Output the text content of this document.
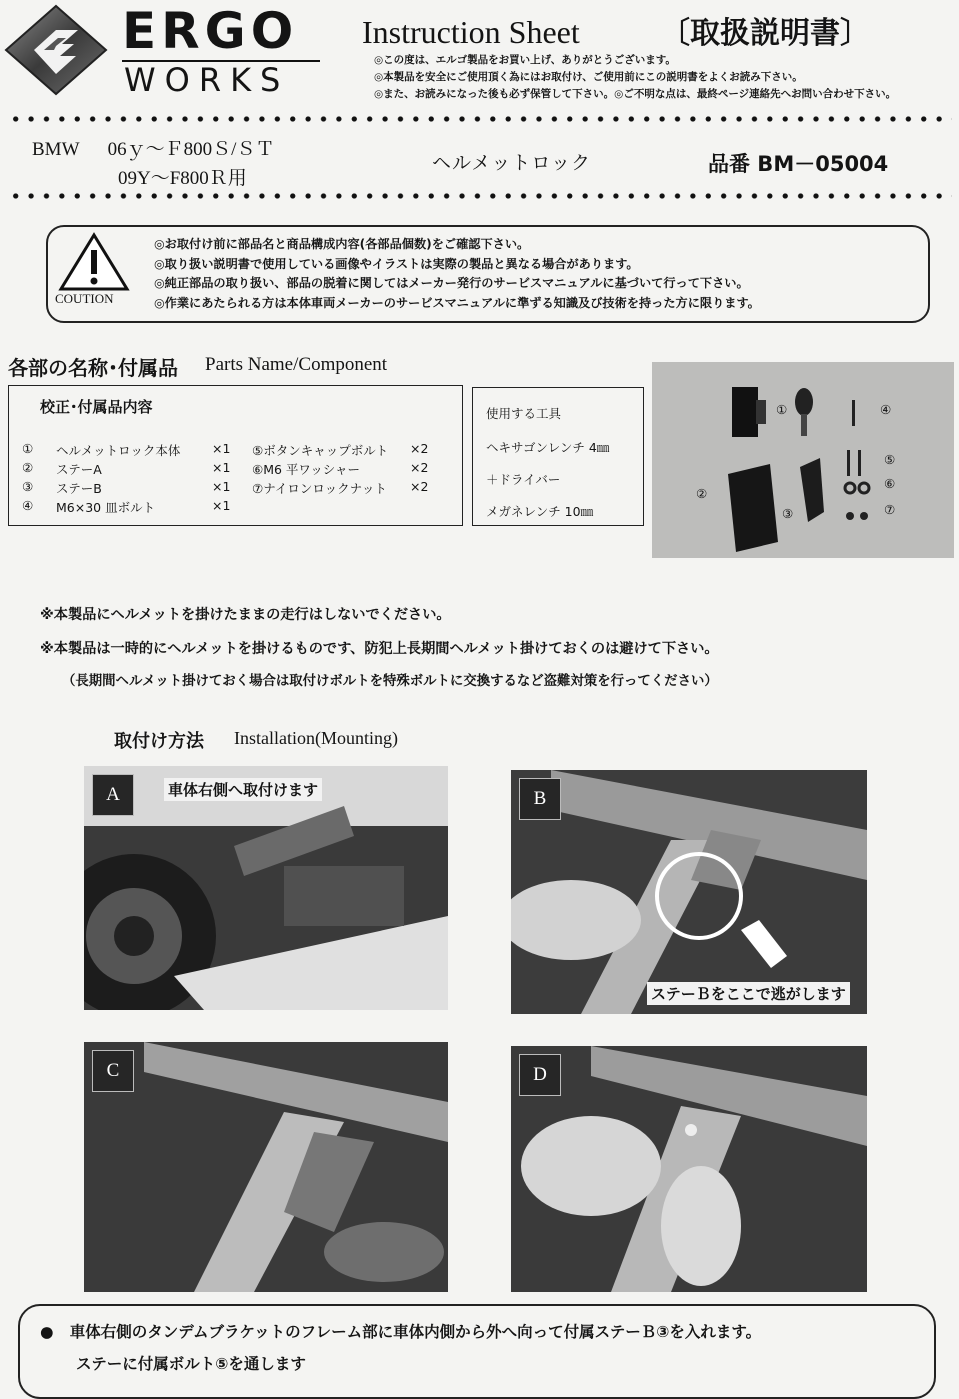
ERGO
WORKS
Instruction Sheet	〔取扱説明書〕
◎この度は、エルゴ製品をお買い上げ、ありがとうございます。
◎本製品を安全にご使用頂く為にはお取付け、ご使用前にこの説明書をよくお読み下さい。
◎また、お読みになった後も必ず保管して下さい。◎ご不明な点は、最終ページ連絡先へお問い合わせ下さい。
BMW 06ｙ～Ｆ800Ｓ/ＳＴ
09Y～F800Ｒ用
ヘルメットロック	品番 BM－05004
COUTION
◎お取付け前に部品名と商品構成内容(各部品個数)をご確認下さい。
◎取り扱い説明書で使用している画像やイラストは実際の製品と異なる場合があります。
◎純正部品の取り扱い、部品の脱着に関してはメーカー発行のサービスマニュアルに基づいて行って下さい。
◎作業にあたられる方は本体車両メーカーのサービスマニュアルに準ずる知識及び技術を持った方に限ります。
各部の名称･付属品 Parts Name/Component
校正･付属品内容
① ヘルメットロック本体	×1
② ステーA	×1
③ ステーB	×1
④ M6×30 皿ボルト	×1
⑤ボタンキャップボルト ×2
⑥M6 平ワッシャー	×2
⑦ナイロンロックナット ×2
使用する工具
ヘキサゴンレンチ 4㎜
＋ドライバー
メガネレンチ 10㎜
①
②
③
④
⑤
⑥
⑦
※本製品にヘルメットを掛けたままの走行はしないでください。
※本製品は一時的にヘルメットを掛けるものです、防犯上長期間ヘルメット掛けておくのは避けて下さい。
（長期間ヘルメット掛けておく場合は取付けボルトを特殊ボルトに交換するなど盗難対策を行ってください）
取付け方法 Installation(Mounting)
A	車体右側へ取付けます	B
ステーＢをここで逃がします
C	D
● 車体右側のタンデムブラケットのフレーム部に車体内側から外へ向って付属ステーＢ③を入れます。
ステーに付属ボルト⑤を通します
